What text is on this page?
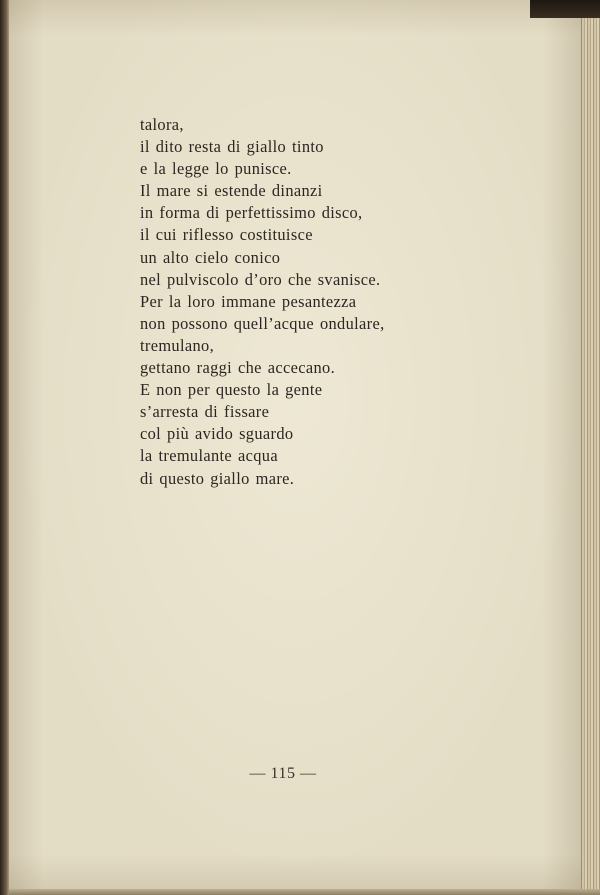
talora,
il dito resta di giallo tinto
e la legge lo punisce.
Il mare si estende dinanzi
in forma di perfettissimo disco,
il cui riflesso costituisce
un alto cielo conico
nel pulviscolo d’oro che svanisce.
Per la loro immane pesantezza
non possono quell’acque ondulare,
tremulano,
gettano raggi che accecano.
E non per questo la gente
s’arresta di fissare
col più avido sguardo
la tremulante acqua
di questo giallo mare.
— 115 —
